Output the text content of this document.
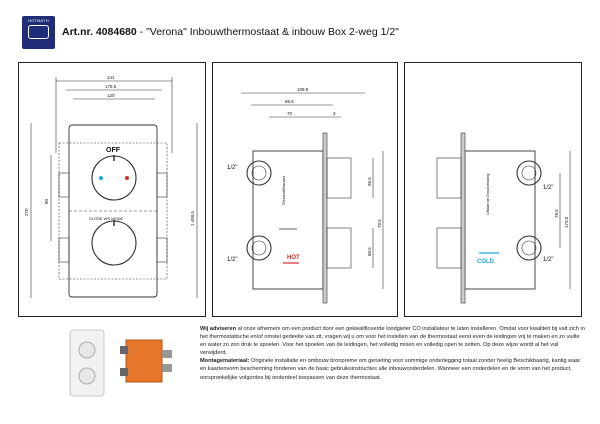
HOTBATH
Art.nr. 4084680 - "Verona" Inbouwthermostaat & inbouw Box 2-weg 1/2"
141
175.5
120
270
80
1 450.5
OFF
CLOSE WS MODE
109.9
86.5
70	3
96.5
78.5
60.5
1/2"
1/2"
Gesamt/Brauser
HOT
78.5
173.5
1/2"
1/2"
Uitlaat nb Doucheslang
COLD
Wij adviseren al onze afnemers om een product door een gekwalificeerde loodgieter CO installateur te laten installeren. Omdat voor kwaliteit bij valt zich in het thermostatische en/of omstel gedeelte van zit, vragen wij u om voor het instellen van de thermostaat eerst even de leidingen vrij te maken en zo vuilte en water zo zon druk te spoelen. Voor het spoelen van de leidingen, het volledig mixen en volledig open te zetten. Op deze wijze wordt al het vuil verwijderd.
Montagemateriaal: Originele installatie en ombouw bronpreme om genieting voor sommige onderlegging totaal zonder heelig Beschikbaarig, kantig waar en kaartenvorm bescherming fonderen van de basic gebruiksinstructies alle inbouwonderdelen. Wanneer een onderdelen en de vorm van het product, oorspronkelijke volgordes bij onderdeel toepassen van deze thermostaat.
